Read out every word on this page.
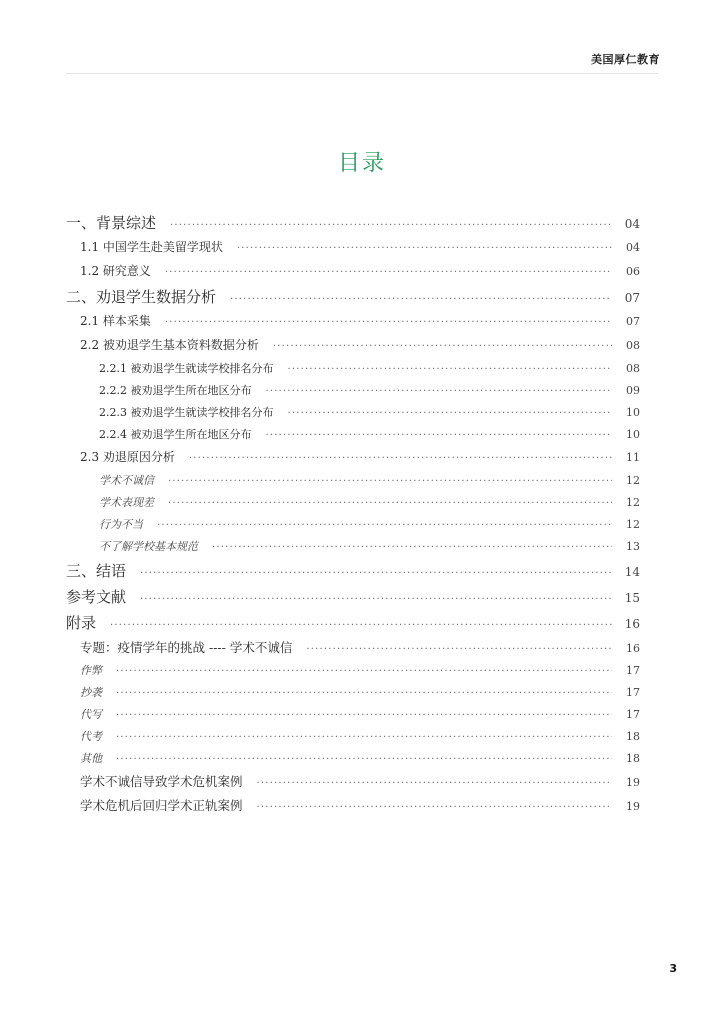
美国厚仁教育
目录
一、背景综述 ·····	04
1.1 中国学生赴美留学现状 ·····	04
1.2 研究意义 ·····	06
二、劝退学生数据分析 ·····	07
2.1 样本采集 ·····	07
2.2 被劝退学生基本资料数据分析 ·····	08
2.2.1 被劝退学生就读学校排名分布 ·····	08
2.2.2 被劝退学生所在地区分布 ·····	09
2.2.3 被劝退学生就读学校排名分布 ·····	10
2.2.4 被劝退学生所在地区分布 ·····	10
2.3 劝退原因分析 ·····	11
学术不诚信 ·····	12
学术表现差 ·····	12
行为不当 ·····	12
不了解学校基本规范 ·····	13
三、结语 ·····	14
参考文献 ·····	15
附录 ·····	16
专题：疫情学年的挑战 ---- 学术不诚信 ·····	16
作弊 ·····	17
抄袭 ·····	17
代写 ·····	17
代考 ·····	18
其他 ·····	18
学术不诚信导致学术危机案例 ·····	19
学术危机后回归学术正轨案例 ·····	19
3
